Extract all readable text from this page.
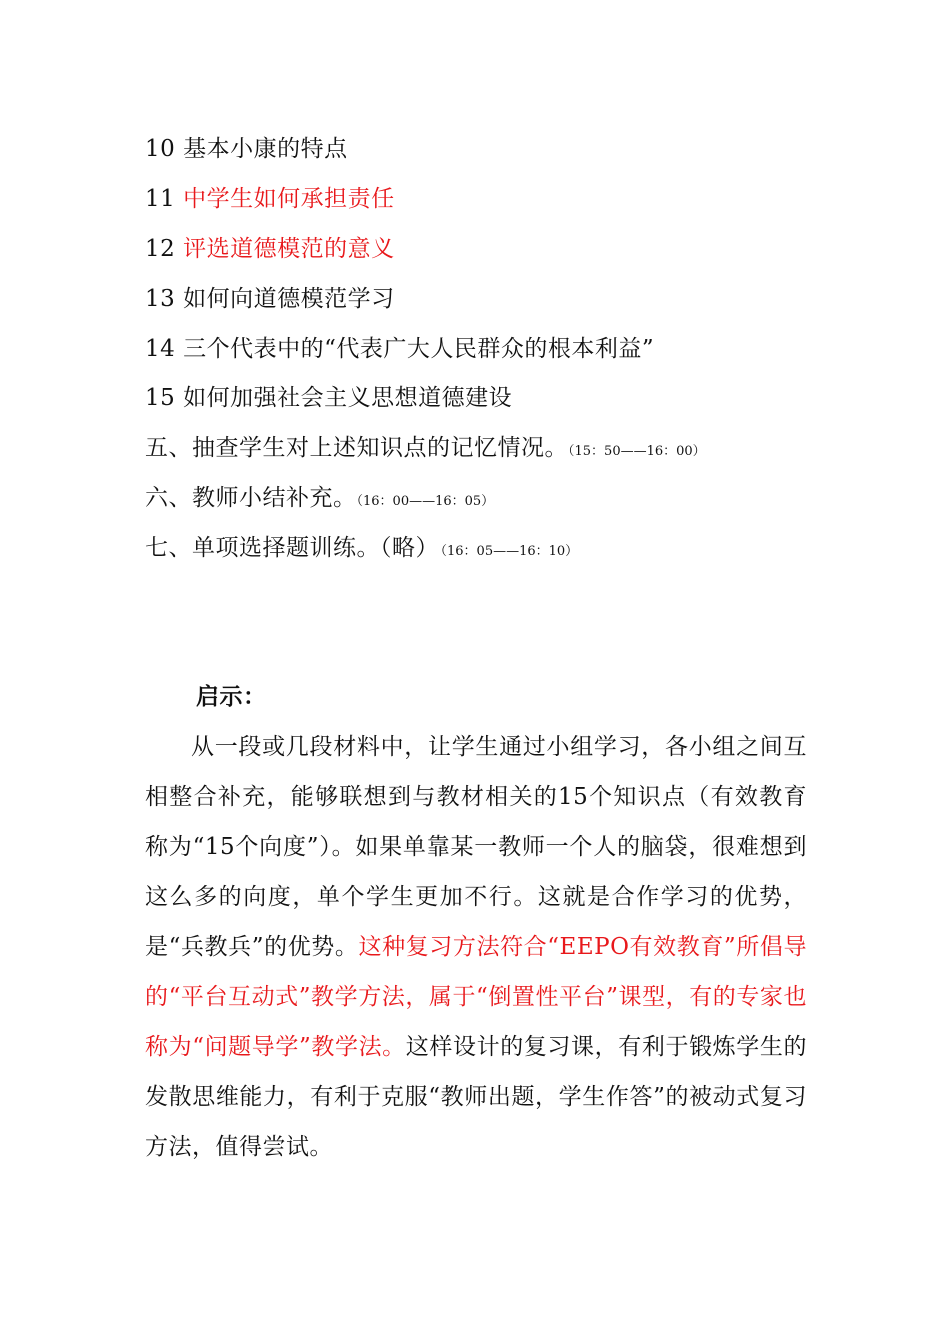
10 基本小康的特点
11 中学生如何承担责任
12 评选道德模范的意义
13 如何向道德模范学习
14 三个代表中的“代表广大人民群众的根本利益”
15 如何加强社会主义思想道德建设
五、抽查学生对上述知识点的记忆情况。（15：50——16：00）
六、教师小结补充。（16：00——16：05）
七、单项选择题训练。（略）　（16：05——16：10）
启示：

从一段或几段材料中，让学生通过小组学习，各小组之间互相整合补充，能够联想到与教材相关的15个知识点（有效教育称为“15个向度”）。如果单靠某一教师一个人的脑袋，很难想到这么多的向度，单个学生更加不行。这就是合作学习的优势，是“兵教兵”的优势。这种复习方法符合“EEPO有效教育”所倡导的“平台互动式”教学方法，属于“倒置性平台”课型，有的专家也称为“问题导学”教学法。这样设计的复习课，有利于锻炼学生的发散思维能力，有利于克服“教师出题，学生作答”的被动式复习方法，值得尝试。
